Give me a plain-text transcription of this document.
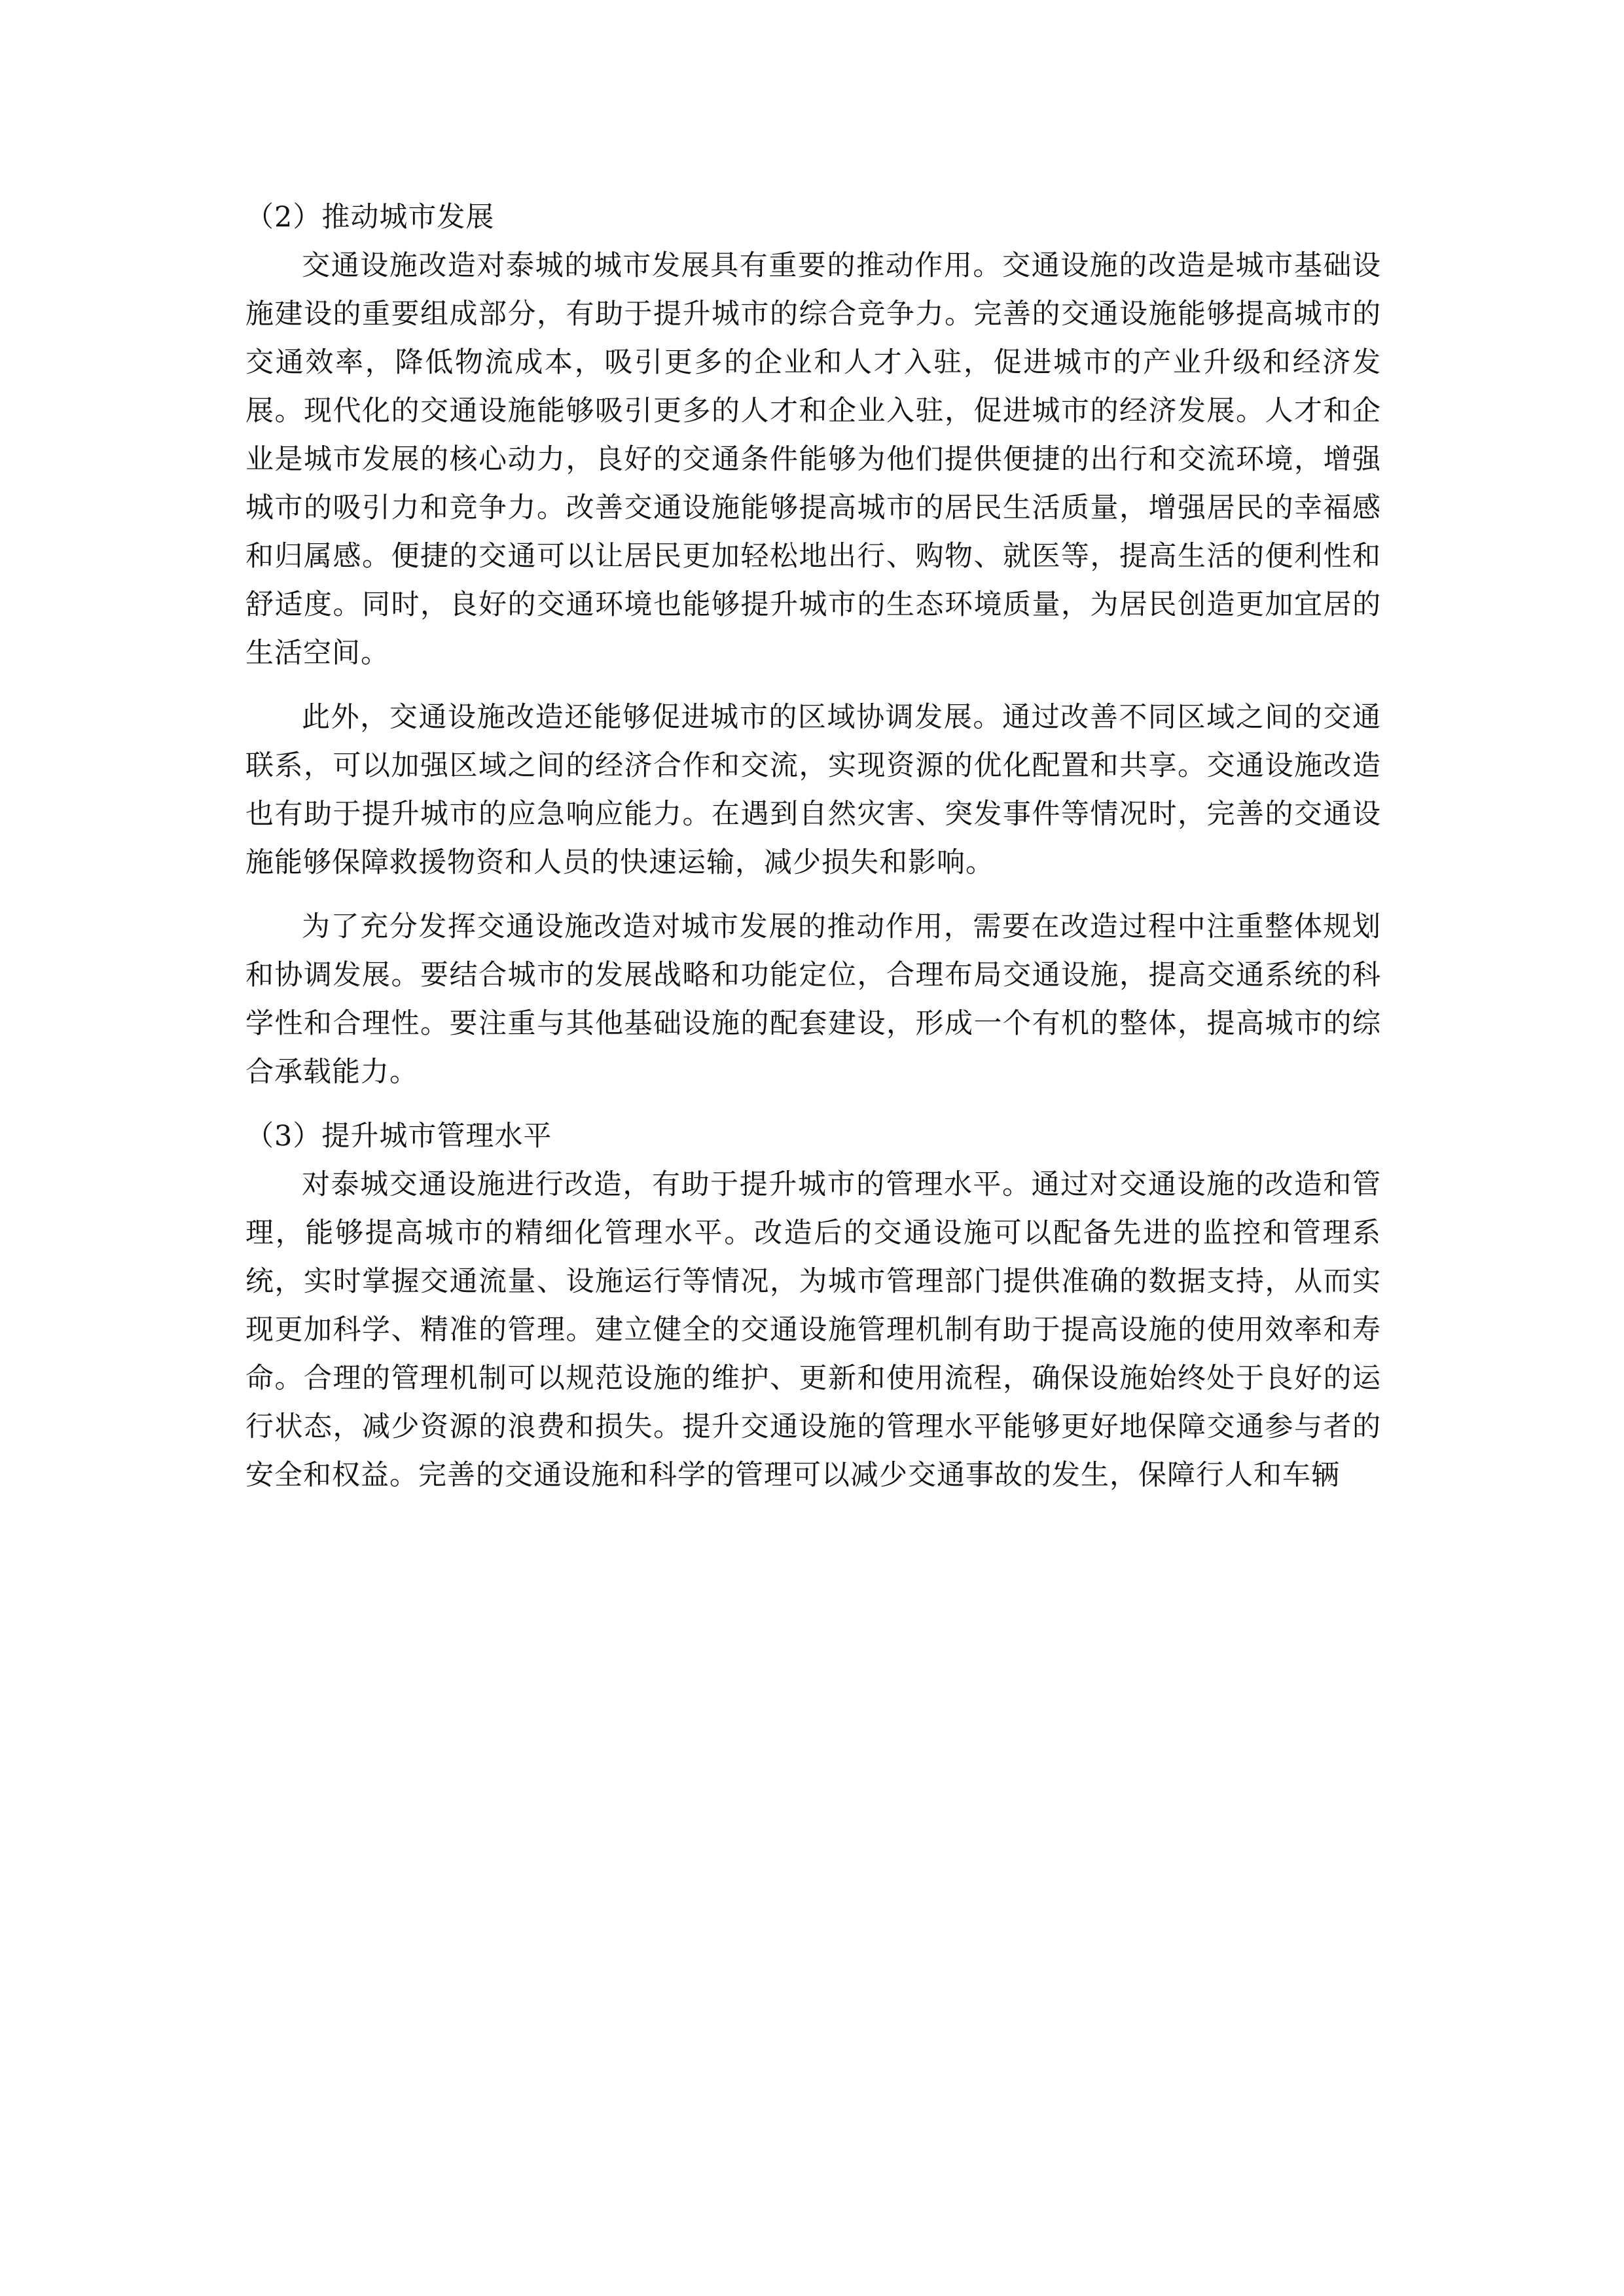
（2）推动城市发展

交通设施改造对泰城的城市发展具有重要的推动作用。交通设施的改造是城市基础设施建设的重要组成部分，有助于提升城市的综合竞争力。完善的交通设施能够提高城市的交通效率，降低物流成本，吸引更多的企业和人才入驻，促进城市的产业升级和经济发展。现代化的交通设施能够吸引更多的人才和企业入驻，促进城市的经济发展。人才和企业是城市发展的核心动力，良好的交通条件能够为他们提供便捷的出行和交流环境，增强城市的吸引力和竞争力。改善交通设施能够提高城市的居民生活质量，增强居民的幸福感和归属感。便捷的交通可以让居民更加轻松地出行、购物、就医等，提高生活的便利性和舒适度。同时，良好的交通环境也能够提升城市的生态环境质量，为居民创造更加宜居的生活空间。

此外，交通设施改造还能够促进城市的区域协调发展。通过改善不同区域之间的交通联系，可以加强区域之间的经济合作和交流，实现资源的优化配置和共享。交通设施改造也有助于提升城市的应急响应能力。在遇到自然灾害、突发事件等情况时，完善的交通设施能够保障救援物资和人员的快速运输，减少损失和影响。

为了充分发挥交通设施改造对城市发展的推动作用，需要在改造过程中注重整体规划和协调发展。要结合城市的发展战略和功能定位，合理布局交通设施，提高交通系统的科学性和合理性。要注重与其他基础设施的配套建设，形成一个有机的整体，提高城市的综合承载能力。

（3）提升城市管理水平

对泰城交通设施进行改造，有助于提升城市的管理水平。通过对交通设施的改造和管理，能够提高城市的精细化管理水平。改造后的交通设施可以配备先进的监控和管理系统，实时掌握交通流量、设施运行等情况，为城市管理部门提供准确的数据支持，从而实现更加科学、精准的管理。建立健全的交通设施管理机制有助于提高设施的使用效率和寿命。合理的管理机制可以规范设施的维护、更新和使用流程，确保设施始终处于良好的运行状态，减少资源的浪费和损失。提升交通设施的管理水平能够更好地保障交通参与者的安全和权益。完善的交通设施和科学的管理可以减少交通事故的发生，保障行人和车辆
